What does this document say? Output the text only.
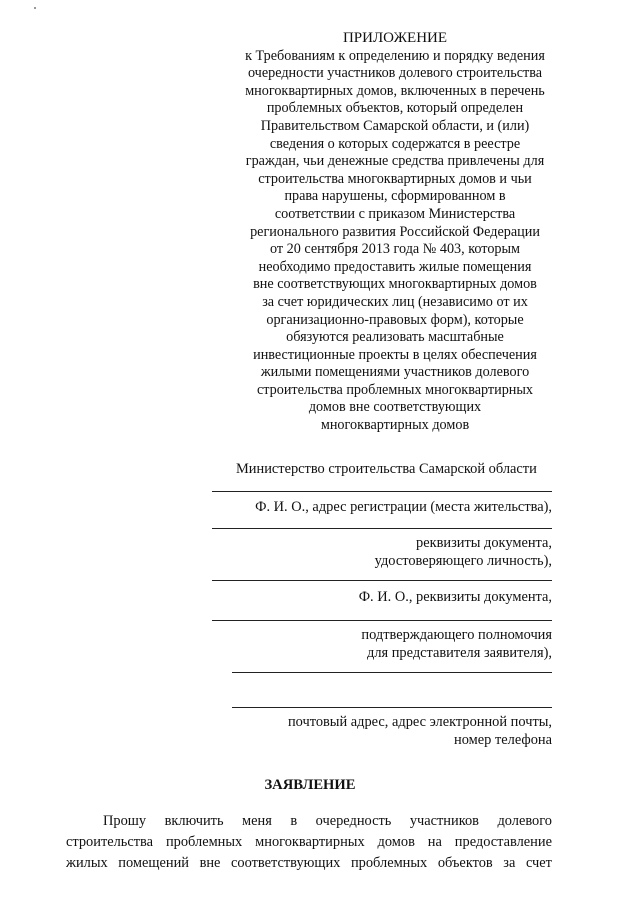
ПРИЛОЖЕНИЕ
к Требованиям к определению и порядку ведения
очередности участников долевого строительства
многоквартирных домов, включенных в перечень
проблемных объектов, который определен
Правительством Самарской области, и (или)
сведения о которых содержатся в реестре
граждан, чьи денежные средства привлечены для
строительства многоквартирных домов и чьи
права нарушены, сформированном в
соответствии с приказом Министерства
регионального развития Российской Федерации
от 20 сентября 2013 года № 403, которым
необходимо предоставить жилые помещения
вне соответствующих многоквартирных домов
за счет юридических лиц (независимо от их
организационно-правовых форм), которые
обязуются реализовать масштабные
инвестиционные проекты в целях обеспечения
жилыми помещениями участников долевого
строительства проблемных многоквартирных
домов вне соответствующих
многоквартирных домов
Министерство строительства Самарской области
Ф. И. О., адрес регистрации (места жительства),
реквизиты документа,
удостоверяющего личность),
Ф. И. О., реквизиты документа,
подтверждающего полномочия
для представителя заявителя),
почтовый адрес, адрес электронной почты,
номер телефона
ЗАЯВЛЕНИЕ
Прошу включить меня в очередность участников долевого
строительства проблемных многоквартирных домов на предоставление
жилых помещений вне соответствующих проблемных объектов за счет
